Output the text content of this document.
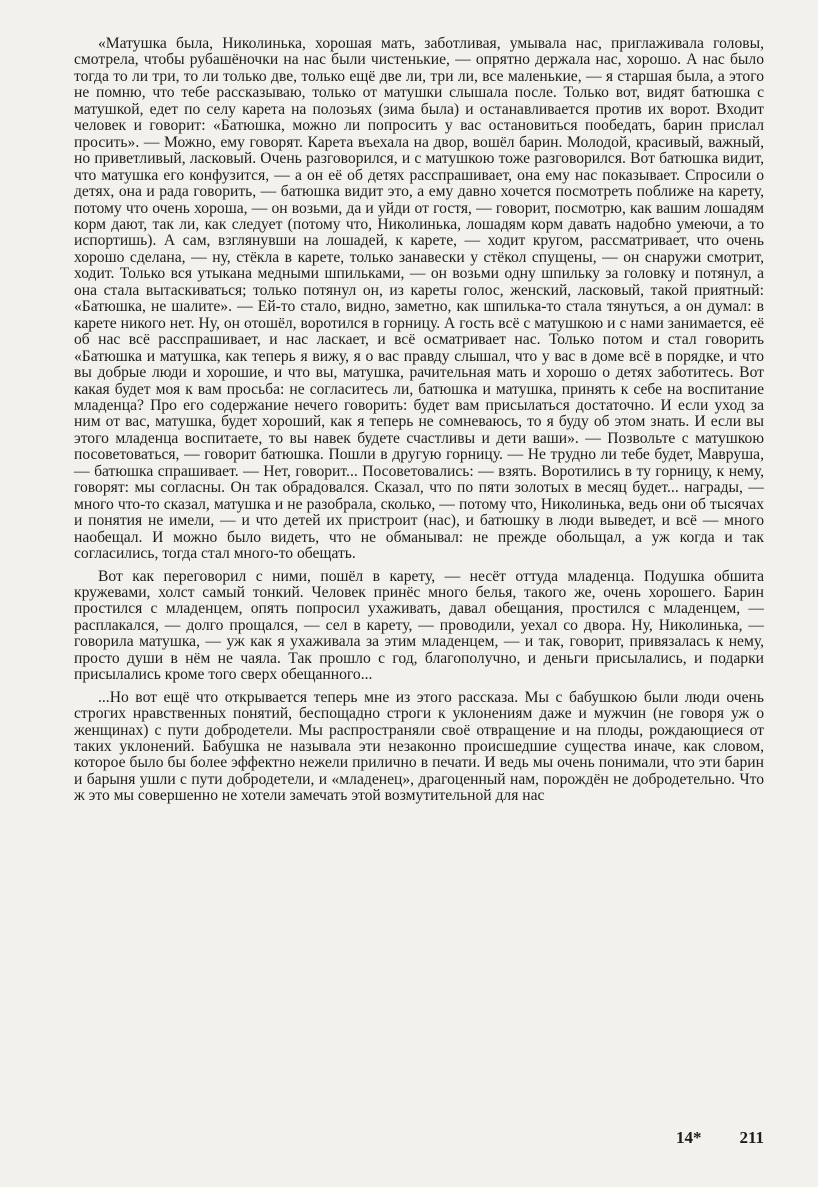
«Матушка была, Николинька, хорошая мать, заботливая, умывала нас, приглаживала головы, смотрела, чтобы рубашёночки на нас были чистенькие, — опрятно держала нас, хорошо. А нас было тогда то ли три, то ли только две, только ещё две ли, три ли, все маленькие, — я старшая была, а этого не помню, что тебе рассказываю, только от матушки слышала после. Только вот, видят батюшка с матушкой, едет по селу карета на полозьях (зима была) и останавливается против их ворот. Входит человек и говорит: «Батюшка, можно ли попросить у вас остановиться пообедать, барин приcлал просить». — Можно, ему говорят. Карета въехала на двор, вошёл барин. Молодой, красивый, важный, но приветливый, ласковый. Очень разговорился, и с матушкою тоже разговорился. Вот батюшка видит, что матушка его конфузится, — а он её об детях расспрашивает, она ему нас показывает. Спросили о детях, она и рада говорить, — батюшка видит это, а ему давно хочется посмотреть поближе на карету, потому что очень хороша, — он возьми, да и уйди от гостя, — говорит, посмотрю, как вашим лошадям корм дают, так ли, как следует (потому что, Николинька, лошадям корм давать надобно умеючи, а то испортишь). А сам, взглянувши на лошадей, к карете, — ходит кругом, рассматривает, что очень хорошо сделана, — ну, стёкла в карете, только занавески у стёкол спущены, — он снаружи смотрит, ходит. Только вся утыкана медными шпильками, — он возьми одну шпильку за головку и потянул, а она стала вытаскиваться; только потянул он, из кареты голос, женский, ласковый, такой приятный: «Батюшка, не шалите». — Ей-то стало, видно, заметно, как шпилька-то стала тянуться, а он думал: в карете никого нет. Ну, он отошёл, воротился в горницу. А гость всё с матушкою и с нами занимается, её об нас всё расспрашивает, и нас ласкает, и всё осматривает нас. Только потом и стал говорить «Батюшка и матушка, как теперь я вижу, я о вас правду слышал, что у вас в доме всё в порядке, и что вы добрые люди и хорошие, и что вы, матушка, рачительная мать и хорошо о детях заботитесь. Вот какая будет моя к вам просьба: не согласитесь ли, батюшка и матушка, принять к себе на воспитание младенца? Про его содержание нечего говорить: будет вам присылаться достаточно. И если уход за ним от вас, матушка, будет хороший, как я теперь не сомневаюсь, то я буду об этом знать. И если вы этого младенца воспитаете, то вы навек будете счастливы и дети ваши». — Позвольте с матушкою посоветоваться, — говорит батюшка. Пошли в другую горницу. — Не трудно ли тебе будет, Мавруша, — батюшка спрашивает. — Нет, говорит... Посоветовались: — взять. Воротились в ту горницу, к нему, говорят: мы согласны. Он так обрадовался. Сказал, что по пяти золотых в месяц будет... награды, — много что-то сказал, матушка и не разобрала, сколько, — потому что, Николинька, ведь они об тысячах и понятия не имели, — и что детей их пристроит (нас), и батюшку в люди выведет, и всё — много наобещал. И можно было видеть, что не обманывал: не прежде обольщал, а уж когда и так согласились, тогда стал много-то обещать.

Вот как переговорил с ними, пошёл в карету, — несёт оттуда младенца. Подушка обшита кружевами, холст самый тонкий. Человек принёс много белья, такого же, очень хорошего. Барин простился с младенцем, опять попросил ухаживать, давал обещания, простился с младенцем, — расплакался, — долго прощался, — сел в карету, — проводили, уехал со двора. Ну, Николинька, — говорила матушка, — уж как я ухаживала за этим младенцем, — и так, говорит, привязалась к нему, просто души в нём не чаяла. Так прошло с год, благополучно, и деньги присылались, и подарки присылались кроме того сверх обещанного...

...Но вот ещё что открывается теперь мне из этого рассказа. Мы с бабушкою были люди очень строгих нравственных понятий, беспощадно строги к уклонениям даже и мужчин (не говоря уж о женщинах) с пути добродетели. Мы распространяли своё отвращение и на плоды, рождающиеся от таких уклонений. Бабушка не называла эти незаконно происшедшие существа иначе, как словом, которое было бы более эффектно нежели прилично в печати. И ведь мы очень понимали, что эти барин и барыня ушли с пути добродетели, и «младенец», драгоценный нам, порождён не добродетельно. Что ж это мы совершенно не хотели замечать этой возмутительной для нас

14* 211
